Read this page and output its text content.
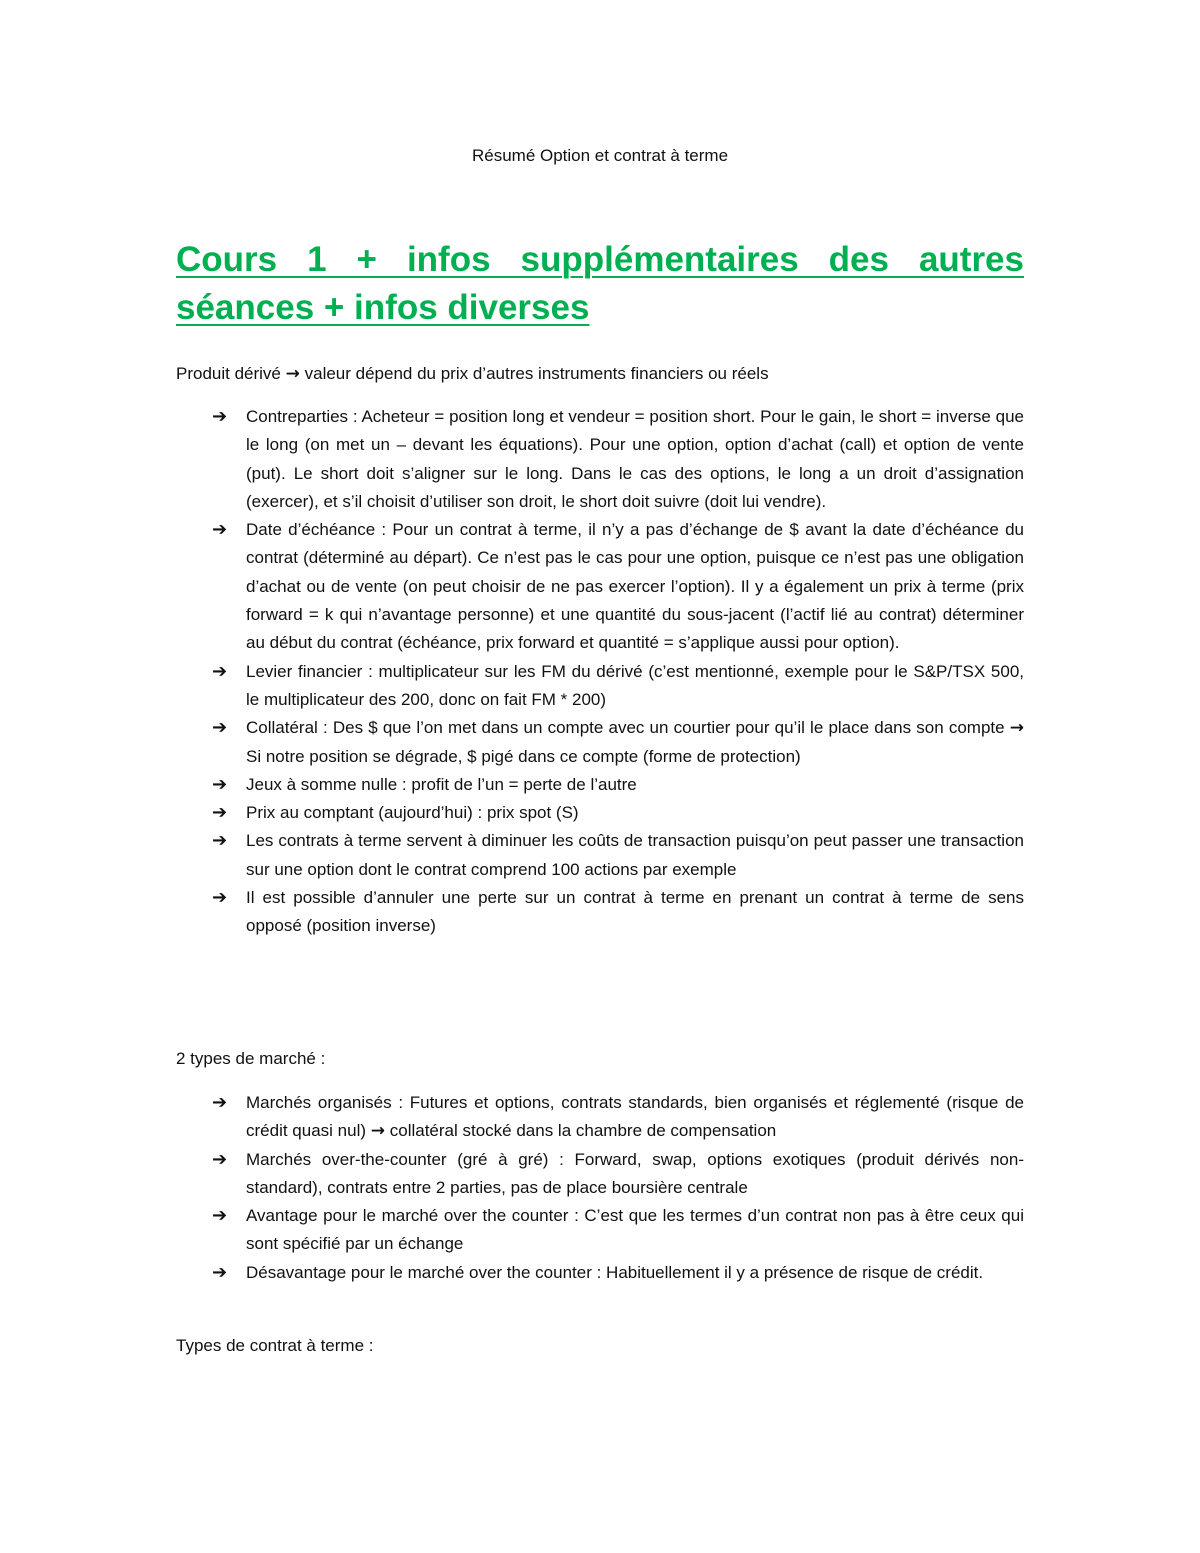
Résumé Option et contrat à terme
Cours 1 + infos supplémentaires des autres
séances + infos diverses

Produit dérivé → valeur dépend du prix d’autres instruments financiers ou réels

➔ Contreparties : Acheteur = position long et vendeur = position short. Pour le gain, le short = inverse que le long (on met un – devant les équations). Pour une option, option d’achat (call) et option de vente (put). Le short doit s’aligner sur le long. Dans le cas des options, le long a un droit d’assignation (exercer), et s’il choisit d’utiliser son droit, le short doit suivre (doit lui vendre).
➔ Date d’échéance : Pour un contrat à terme, il n’y a pas d’échange de $ avant la date d’échéance du contrat (déterminé au départ). Ce n’est pas le cas pour une option, puisque ce n’est pas une obligation d’achat ou de vente (on peut choisir de ne pas exercer l’option). Il y a également un prix à terme (prix forward = k qui n’avantage personne) et une quantité du sous-jacent (l’actif lié au contrat) déterminer au début du contrat (échéance, prix forward et quantité = s’applique aussi pour option).
➔ Levier financier : multiplicateur sur les FM du dérivé (c’est mentionné, exemple pour le S&P/TSX 500, le multiplicateur des 200, donc on fait FM * 200)
➔ Collatéral : Des $ que l’on met dans un compte avec un courtier pour qu’il le place dans son compte → Si notre position se dégrade, $ pigé dans ce compte (forme de protection)
➔ Jeux à somme nulle : profit de l’un = perte de l’autre
➔ Prix au comptant (aujourd’hui) : prix spot (S)
➔ Les contrats à terme servent à diminuer les coûts de transaction puisqu’on peut passer une transaction sur une option dont le contrat comprend 100 actions par exemple
➔ Il est possible d’annuler une perte sur un contrat à terme en prenant un contrat à terme de sens opposé (position inverse)

2 types de marché :

➔ Marchés organisés : Futures et options, contrats standards, bien organisés et réglementé (risque de crédit quasi nul) → collatéral stocké dans la chambre de compensation
➔ Marchés over-the-counter (gré à gré) : Forward, swap, options exotiques (produit dérivés non-standard), contrats entre 2 parties, pas de place boursière centrale
➔ Avantage pour le marché over the counter : C’est que les termes d’un contrat non pas à être ceux qui sont spécifié par un échange
➔ Désavantage pour le marché over the counter : Habituellement il y a présence de risque de crédit.

Types de contrat à terme :
